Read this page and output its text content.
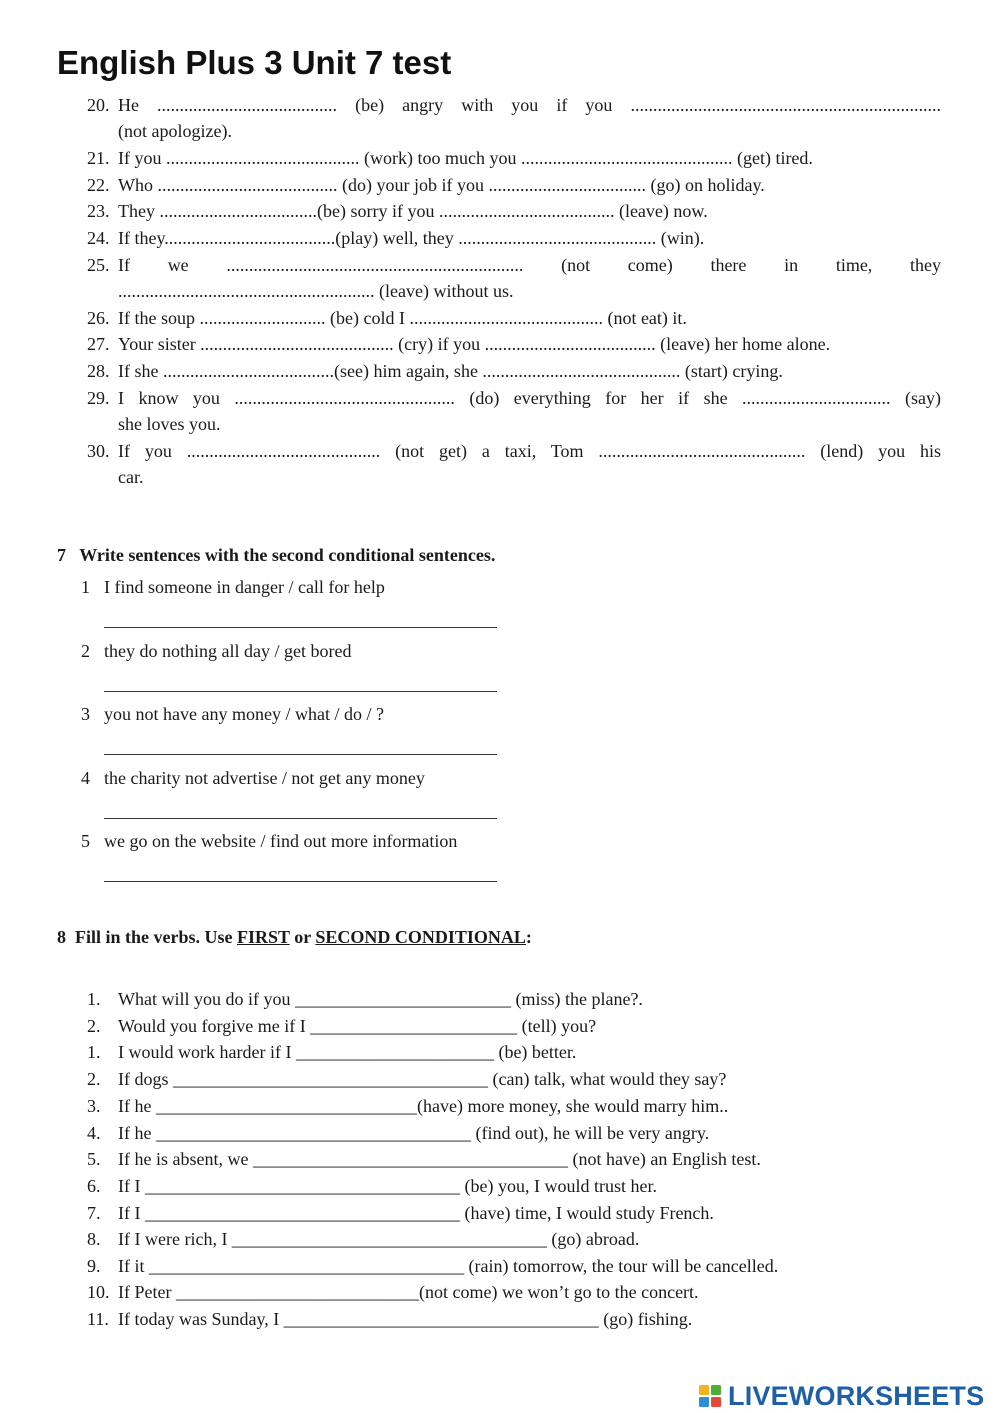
English Plus 3 Unit 7 test
20. He ........................................ (be) angry with you if you .....................................................................
(not apologize).
21. If you ........................................... (work) too much you ............................................... (get) tired.
22. Who ........................................ (do) your job if you ................................... (go) on holiday.
23. They ...................................(be) sorry if you ....................................... (leave) now.
24. If they......................................(play) well, they ............................................ (win).
25. If we .................................................................. (not come) there in time, they
......................................................... (leave) without us.
26. If the soup ............................ (be) cold I ........................................... (not eat) it.
27. Your sister ........................................... (cry) if you ...................................... (leave) her home alone.
28. If she ......................................(see) him again, she ............................................ (start) crying.
29. I know you ................................................. (do) everything for her if she ................................. (say)
she loves you.
30. If you ........................................... (not get) a taxi, Tom .............................................. (lend) you his
car.
7 Write sentences with the second conditional sentences.
1 I find someone in danger / call for help
2 they do nothing all day / get bored
3 you not have any money / what / do / ?
4 the charity not advertise / not get any money
5 we go on the website / find out more information
8 Fill in the verbs. Use FIRST or SECOND CONDITIONAL:
1. What will you do if you ________________________ (miss) the plane?.
2. Would you forgive me if I _______________________ (tell) you?
1. I would work harder if I ______________________ (be) better.
2. If dogs ___________________________________ (can) talk, what would they say?
3. If he _____________________________(have) more money, she would marry him..
4. If he ___________________________________ (find out), he will be very angry.
5. If he is absent, we ___________________________________ (not have) an English test.
6. If I ___________________________________ (be) you, I would trust her.
7. If I ___________________________________ (have) time, I would study French.
8. If I were rich, I ___________________________________ (go) abroad.
9. If it ___________________________________ (rain) tomorrow, the tour will be cancelled.
10. If Peter ___________________________(not come) we won’t go to the concert.
11. If today was Sunday, I ___________________________________ (go) fishing.
LIVEWORKSHEETS
